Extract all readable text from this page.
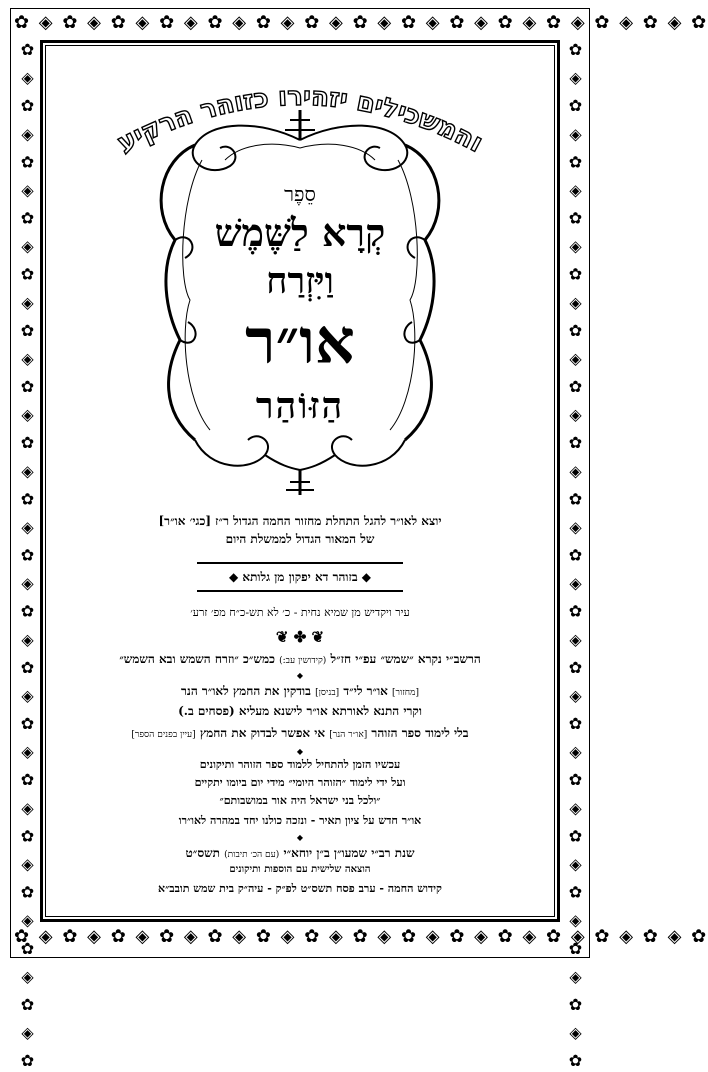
✿ ◈ ✿ ◈ ✿ ◈ ✿ ◈ ✿ ◈ ✿ ◈ ✿ ◈ ✿ ◈ ✿ ◈ ✿ ◈ ✿ ◈ ✿ ◈ ✿ ◈ ✿ ◈ ✿
✿ ◈ ✿ ◈ ✿ ◈ ✿ ◈ ✿ ◈ ✿ ◈ ✿ ◈ ✿ ◈ ✿ ◈ ✿ ◈ ✿ ◈ ✿ ◈ ✿ ◈ ✿ ◈ ✿
✿ ◈ ✿ ◈ ✿ ◈ ✿ ◈ ✿ ◈ ✿ ◈ ✿ ◈ ✿ ◈ ✿ ◈ ✿ ◈ ✿ ◈ ✿ ◈ ✿ ◈ ✿ ◈ ✿ ◈ ✿ ◈ ✿ ◈ ✿ ◈ ✿	✿ ◈ ✿ ◈ ✿ ◈ ✿ ◈ ✿ ◈ ✿ ◈ ✿ ◈ ✿ ◈ ✿ ◈ ✿ ◈ ✿ ◈ ✿ ◈ ✿ ◈ ✿ ◈ ✿ ◈ ✿ ◈ ✿ ◈ ✿ ◈ ✿
והמשכילים יזהירו כזוהר הרקיע
סֵפֶר
קְרָא לַשֶּׁמֶשׁ
וַיִּזְרַח
או״ר
הַזּוֹהַר
יוצא לאו״ר להגל התחלת מחזור החמה הגדול ר״ז [כגי׳ או״ר]
של המאור הגדול לממשלת היום
◆ בזוהר דא יפקון מן גלותא ◆
עיר ויקדיש מן שמיא נחית - כ׳ לא תש-כ״ח מפ׳ זרע׳
❦ ✤ ❦
הרשב״י נקרא ״שמש״ עפ״י חז״ל (קידושין עב:) כמש״כ ״וזרח השמש ובא השמש״
◆
[מחזור] או״ר לי״ד [בניסן] בודקין את החמץ לאו״ר הנר
וקרי התנא לאורתא או״ר לישנא מעליא (פסחים ב.)
בלי לימוד ספר הזוהר [או״ר הנר] אי אפשר לבדוק את החמץ [עיין בפנים הספר]
◆
עכשיו הזמן להתחיל ללמוד ספר הזוהר ותיקונים
ועל ידי לימוד ״הזוהר היומי״ מידי יום ביומו יתקיים
״ולכל בני ישראל היה אור במושבותם״
או״ר חדש על ציון תאיר - ונזכה כולנו יחד במהרה לאו״רו
◆
שנת רב״י שמעו״ן ב״ן יוחא״י (עם הכ׳ תיבות) תשס״ט
הוצאה שלישית עם הוספות ותיקונים
קידוש החמה - ערב פסח תשס״ט לפ״ק - עיה״ק בית שמש תובב״א
